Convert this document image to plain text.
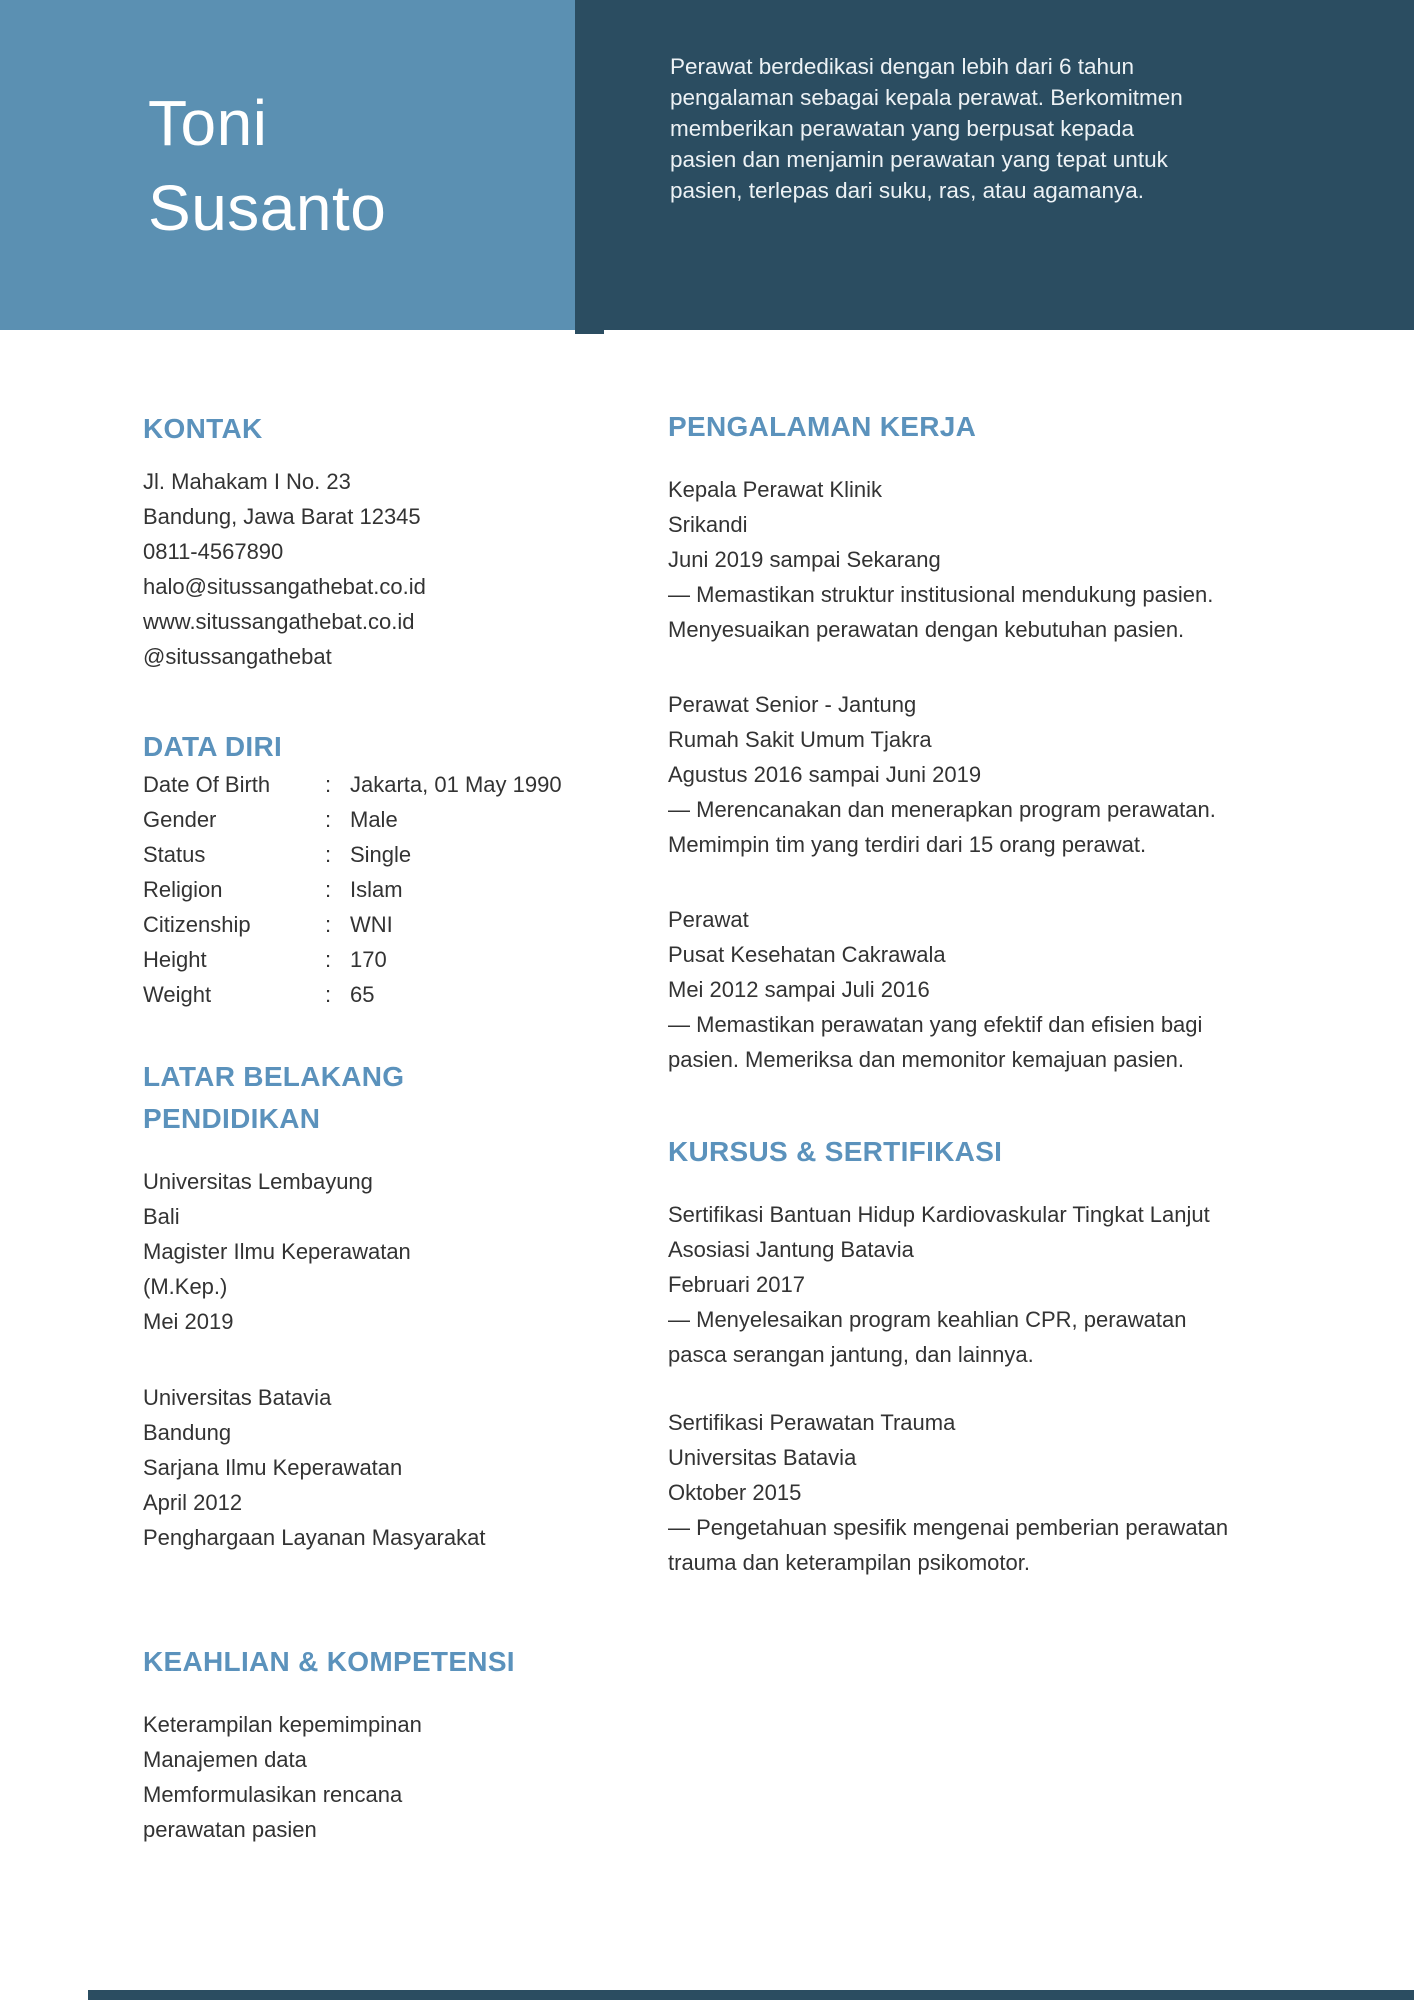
Toni
Susanto
Perawat berdedikasi dengan lebih dari 6 tahun
pengalaman sebagai kepala perawat. Berkomitmen
memberikan perawatan yang berpusat kepada
pasien dan menjamin perawatan yang tepat untuk
pasien, terlepas dari suku, ras, atau agamanya.
KONTAK
Jl. Mahakam I No. 23
Bandung, Jawa Barat 12345
0811-4567890
halo@situssangathebat.co.id
www.situssangathebat.co.id
@situssangathebat
DATA DIRI
Date Of Birth	: Jakarta, 01 May 1990
Gender	: Male
Status	: Single
Religion	: Islam
Citizenship	: WNI
Height	: 170
Weight	: 65
LATAR BELAKANG PENDIDIKAN
Universitas Lembayung
Bali
Magister Ilmu Keperawatan
(M.Kep.)
Mei 2019
Universitas Batavia
Bandung
Sarjana Ilmu Keperawatan
April 2012
Penghargaan Layanan Masyarakat
KEAHLIAN & KOMPETENSI
Keterampilan kepemimpinan
Manajemen data
Memformulasikan rencana
perawatan pasien
PENGALAMAN KERJA
Kepala Perawat Klinik
Srikandi
Juni 2019 sampai Sekarang
— Memastikan struktur institusional mendukung pasien.
Menyesuaikan perawatan dengan kebutuhan pasien.
Perawat Senior - Jantung
Rumah Sakit Umum Tjakra
Agustus 2016 sampai Juni 2019
— Merencanakan dan menerapkan program perawatan.
Memimpin tim yang terdiri dari 15 orang perawat.
Perawat
Pusat Kesehatan Cakrawala
Mei 2012 sampai Juli 2016
— Memastikan perawatan yang efektif dan efisien bagi
pasien. Memeriksa dan memonitor kemajuan pasien.
KURSUS & SERTIFIKASI
Sertifikasi Bantuan Hidup Kardiovaskular Tingkat Lanjut
Asosiasi Jantung Batavia
Februari 2017
— Menyelesaikan program keahlian CPR, perawatan
pasca serangan jantung, dan lainnya.
Sertifikasi Perawatan Trauma
Universitas Batavia
Oktober 2015
— Pengetahuan spesifik mengenai pemberian perawatan
trauma dan keterampilan psikomotor.
